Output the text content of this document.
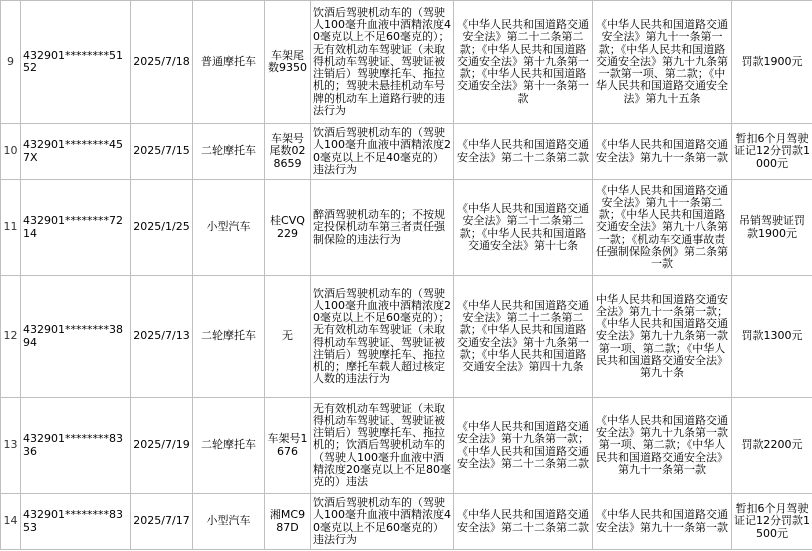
9	432901********5152	2025/7/18	普通摩托车	车架尾数9350	饮酒后驾驶机动车的（驾驶人100毫升血液中酒精浓度40毫克以上不足60毫克的）；无有效机动车驾驶证（未取得机动车驾驶证、驾驶证被注销后）驾驶摩托车、拖拉机的；驾驶未悬挂机动车号牌的机动车上道路行驶的违法行为	《中华人民共和国道路交通安全法》第二十二条第二款；《中华人民共和国道路交通安全法》第十九条第一款；《中华人民共和国道路交通安全法》第十一条第一款	《中华人民共和国道路交通安全法》第九十一条第一款；《中华人民共和国道路交通安全法》第九十九条第一款第一项、第二款；《中华人民共和国道路交通安全法》第九十五条	罚款1900元
10	432901********457X	2025/7/15	二轮摩托车	车架号尾数028659	饮酒后驾驶机动车的（驾驶人100毫升血液中酒精浓度20毫克以上不足40毫克的）违法行为	《中华人民共和国道路交通安全法》第二十二条第二款	《中华人民共和国道路交通安全法》第九十一条第一款	暂扣6个月驾驶证记12分罚款1000元
11	432901********7214	2025/1/25	小型汽车	桂CVQ229	醉酒驾驶机动车的；不按规定投保机动车第三者责任强制保险的违法行为	《中华人民共和国道路交通安全法》第二十二条第二款；《中华人民共和国道路交通安全法》第十七条	《中华人民共和国道路交通安全法》第九十一条第二款；《中华人民共和国道路交通安全法》第九十八条第一款；《机动车交通事故责任强制保险条例》第二条第一款	吊销驾驶证罚款1900元
12	432901********3894	2025/7/13	二轮摩托车	无	饮酒后驾驶机动车的（驾驶人100毫升血液中酒精浓度20毫克以上不足60毫克的）；无有效机动车驾驶证（未取得机动车驾驶证、驾驶证被注销后）驾驶摩托车、拖拉机的；摩托车载人超过核定人数的违法行为	《中华人民共和国道路交通安全法》第二十二条第二款；《中华人民共和国道路交通安全法》第十九条第一款；《中华人民共和国道路交通安全法》第四十九条	中华人民共和国道路交通安全法》第九十一条第一款；《中华人民共和国道路交通安全法》第九十九条第一款第一项、第二款；《中华人民共和国道路交通安全法》第九十条	罚款1300元
13	432901********8336	2025/7/19	二轮摩托车	车架号1676	无有效机动车驾驶证（未取得机动车驾驶证、驾驶证被注销后）驾驶摩托车、拖拉机的；饮酒后驾驶机动车的（驾驶人100毫升血液中酒精浓度20毫克以上不足80毫克的）违法	《中华人民共和国道路交通安全法》第十九条第一款；《中华人民共和国道路交通安全法》第二十二条第二款	《中华人民共和国道路交通安全法》第九十九条第一款第一项、第二款；《中华人民共和国道路交通安全法》第九十一条第一款	罚款2200元
14	432901********8353	2025/7/17	小型汽车	湘MC987D	饮酒后驾驶机动车的（驾驶人100毫升血液中酒精浓度40毫克以上不足60毫克的）违法行为	《中华人民共和国道路交通安全法》第二十二条第二款	《中华人民共和国道路交通安全法》第九十一条第一款	暂扣6个月驾驶证记12分罚款1500元
